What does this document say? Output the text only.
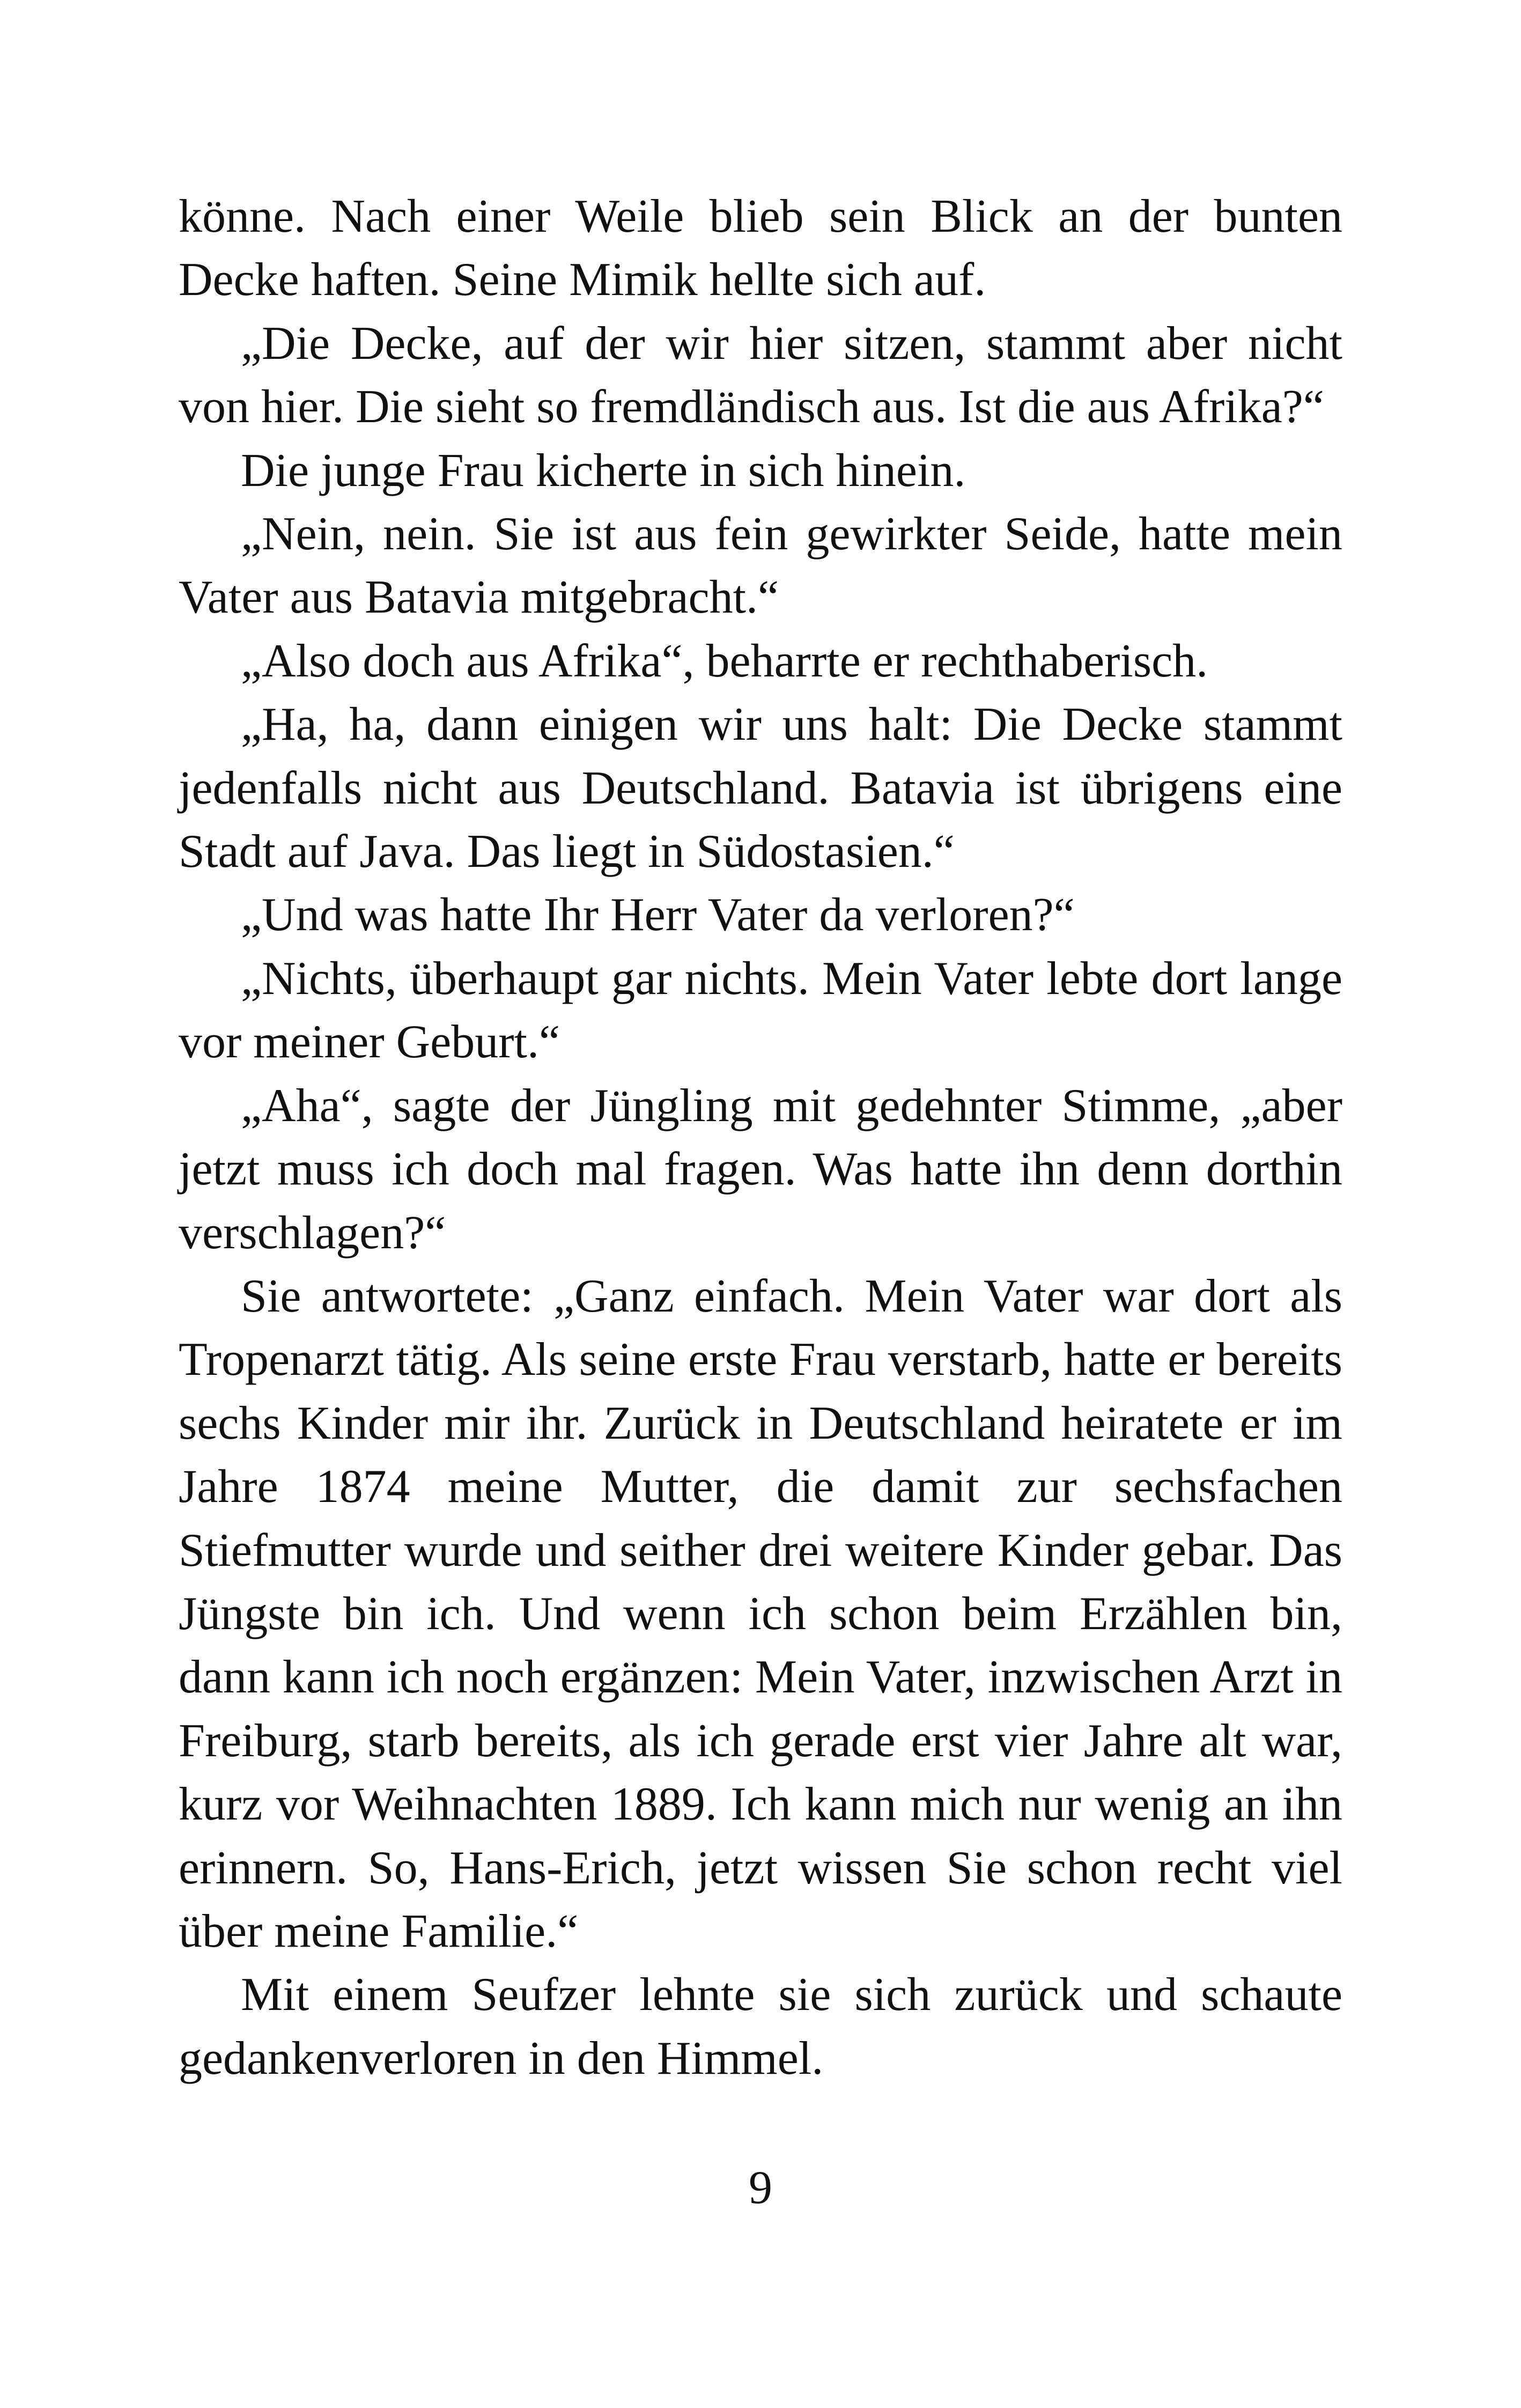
könne. Nach einer Weile blieb sein Blick an der bunten Decke haften. Seine Mimik hellte sich auf.

„Die Decke, auf der wir hier sitzen, stammt aber nicht von hier. Die sieht so fremdländisch aus. Ist die aus Afrika?“

Die junge Frau kicherte in sich hinein.

„Nein, nein. Sie ist aus fein gewirkter Seide, hatte mein Vater aus Batavia mitgebracht.“

„Also doch aus Afrika“, beharrte er rechthaberisch.

„Ha, ha, dann einigen wir uns halt: Die Decke stammt jedenfalls nicht aus Deutschland. Batavia ist übrigens eine Stadt auf Java. Das liegt in Südostasien.“

„Und was hatte Ihr Herr Vater da verloren?“

„Nichts, überhaupt gar nichts. Mein Vater lebte dort lange vor meiner Geburt.“

„Aha“, sagte der Jüngling mit gedehnter Stimme, „aber jetzt muss ich doch mal fragen. Was hatte ihn denn dorthin verschlagen?“

Sie antwortete: „Ganz einfach. Mein Vater war dort als Tropenarzt tätig. Als seine erste Frau verstarb, hatte er bereits sechs Kinder mir ihr. Zurück in Deutschland heiratete er im Jahre 1874 meine Mutter, die damit zur sechsfachen Stiefmutter wurde und seither drei weitere Kinder gebar. Das Jüngste bin ich. Und wenn ich schon beim Erzählen bin, dann kann ich noch ergänzen: Mein Vater, inzwischen Arzt in Freiburg, starb bereits, als ich gerade erst vier Jahre alt war, kurz vor Weihnachten 1889. Ich kann mich nur wenig an ihn erinnern. So, Hans-Erich, jetzt wissen Sie schon recht viel über meine Familie.“

Mit einem Seufzer lehnte sie sich zurück und schaute gedankenverloren in den Himmel.

9
